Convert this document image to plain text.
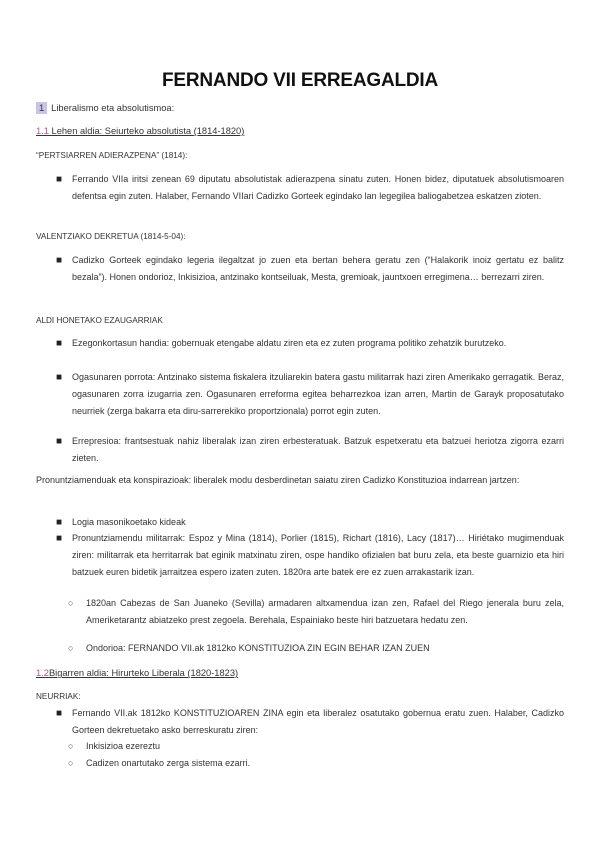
FERNANDO VII ERREAGALDIA
1 Liberalismo eta absolutismoa:
1.1 Lehen aldia: Seiurteko absolutista (1814-1820)
“PERTSIARREN ADIERAZPENA” (1814):
■ Ferrando VIIa iritsi zenean 69 diputatu absolutistak adierazpena sinatu zuten. Honen bidez, diputatuek absolutismoaren defentsa egin zuten. Halaber, Fernando VIIari Cadizko Gorteek egindako lan legegilea baliogabetzea eskatzen zioten.
VALENTZIAKO DEKRETUA (1814-5-04):
■ Cadizko Gorteek egindako legeria ilegaltzat jo zuen eta bertan behera geratu zen (“Halakorik inoiz gertatu ez balitz bezala”). Honen ondorioz, Inkisizioa, antzinako kontseiluak, Mesta, gremioak, jauntxoen erregimena… berrezarri ziren.
ALDI HONETAKO EZAUGARRIAK
■ Ezegonkortasun handia: gobernuak etengabe aldatu ziren eta ez zuten programa politiko zehatzik burutzeko.
■ Ogasunaren porrota: Antzinako sistema fiskalera itzuliarekin batera gastu militarrak hazi ziren Amerikako gerragatik. Beraz, ogasunaren zorra izugarria zen. Ogasunaren erreforma egitea beharrezkoa izan arren, Martin de Garayk proposatutako neurriek (zerga bakarra eta diru-sarrerekiko proportzionala) porrot egin zuten.
■ Errepresioa: frantsestuak nahiz liberalak izan ziren erbesteratuak. Batzuk espetxeratu eta batzuei heriotza zigorra ezarri zieten.
Pronuntziamenduak eta konspirazioak: liberalek modu desberdinetan saiatu ziren Cadizko Konstituzioa indarrean jartzen:
■ Logia masonikoetako kideak
■ Pronuntziamendu militarrak: Espoz y Mina (1814), Porlier (1815), Richart (1816), Lacy (1817)… Hiriétako mugimenduak ziren: militarrak eta herritarrak bat eginik matxinatu ziren, ospe handiko ofizialen bat buru zela, eta beste guarnizio eta hiri batzuek euren bidetik jarraitzea espero izaten zuten. 1820ra arte batek ere ez zuen arrakastarik izan.
○ 1820an Cabezas de San Juaneko (Sevilla) armadaren altxamendua izan zen, Rafael del Riego jenerala buru zela, Ameriketarantz abiatzeko prest zegoela. Berehala, Espainiako beste hiri batzuetara hedatu zen.
○ Ondorioa: FERNANDO VII.ak 1812ko KONSTITUZIOA ZIN EGIN BEHAR IZAN ZUEN
1.2Bigarren aldia: Hirurteko Liberala (1820-1823)
NEURRIAK:
■ Fernando VII.ak 1812ko KONSTITUZIOAREN ZINA egin eta liberalez osatutako gobernua eratu zuen. Halaber, Cadizko Gorteen dekretuetako asko berreskuratu ziren:
○ Inkisizioa ezereztu
○ Cadizen onartutako zerga sistema ezarri.
